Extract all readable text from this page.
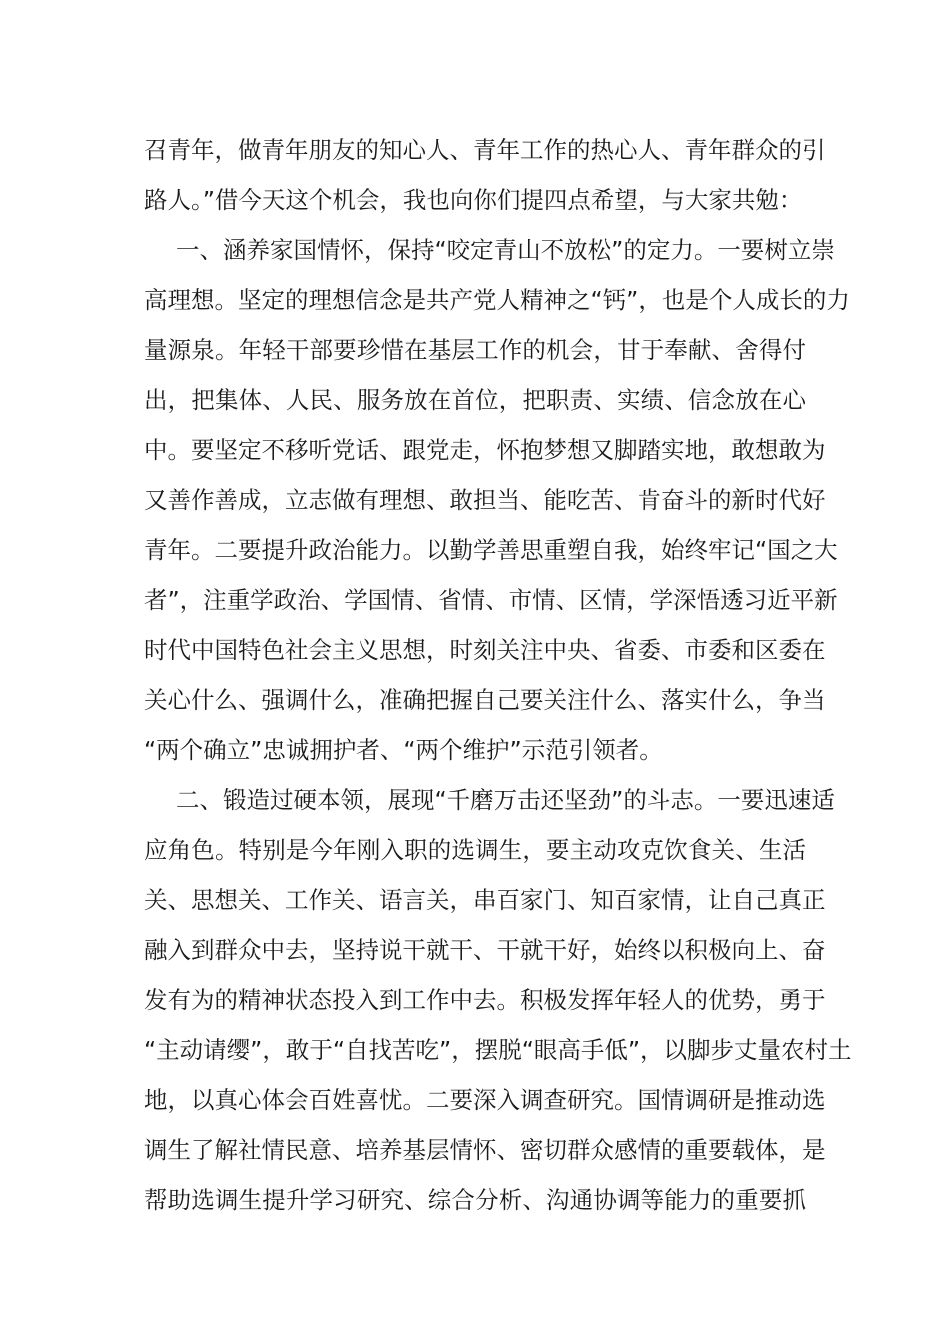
召青年，做青年朋友的知心人、青年工作的热心人、青年群众的引
路人。”借今天这个机会，我也向你们提四点希望，与大家共勉：
一、涵养家国情怀，保持“咬定青山不放松”的定力。一要树立崇
高理想。坚定的理想信念是共产党人精神之“钙”，也是个人成长的力
量源泉。年轻干部要珍惜在基层工作的机会，甘于奉献、舍得付
出，把集体、人民、服务放在首位，把职责、实绩、信念放在心
中。要坚定不移听党话、跟党走，怀抱梦想又脚踏实地，敢想敢为
又善作善成，立志做有理想、敢担当、能吃苦、肯奋斗的新时代好
青年。二要提升政治能力。以勤学善思重塑自我，始终牢记“国之大
者”，注重学政治、学国情、省情、市情、区情，学深悟透习近平新
时代中国特色社会主义思想，时刻关注中央、省委、市委和区委在
关心什么、强调什么，准确把握自己要关注什么、落实什么，争当
“两个确立”忠诚拥护者、“两个维护”示范引领者。
二、锻造过硬本领，展现“千磨万击还坚劲”的斗志。一要迅速适
应角色。特别是今年刚入职的选调生，要主动攻克饮食关、生活
关、思想关、工作关、语言关，串百家门、知百家情，让自己真正
融入到群众中去，坚持说干就干、干就干好，始终以积极向上、奋
发有为的精神状态投入到工作中去。积极发挥年轻人的优势，勇于
“主动请缨”，敢于“自找苦吃”，摆脱“眼高手低”，以脚步丈量农村土
地，以真心体会百姓喜忧。二要深入调查研究。国情调研是推动选
调生了解社情民意、培养基层情怀、密切群众感情的重要载体，是
帮助选调生提升学习研究、综合分析、沟通协调等能力的重要抓
